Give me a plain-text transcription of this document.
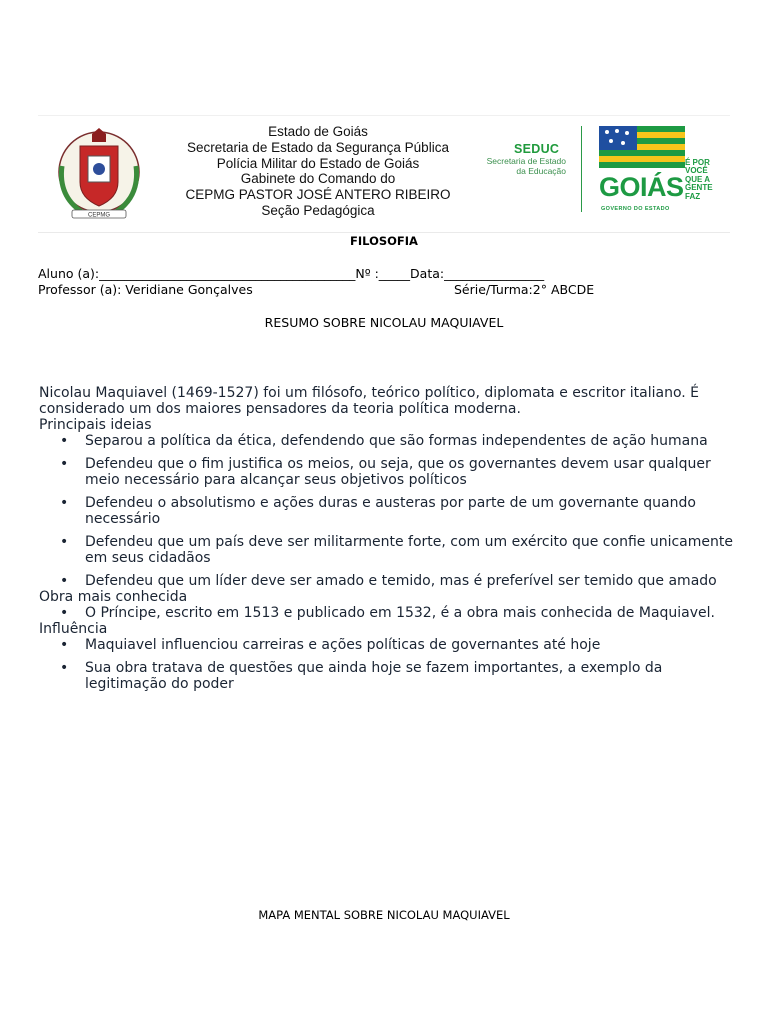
CEPMG
Estado de Goiás
Secretaria de Estado da Segurança Pública
Polícia Militar do Estado de Goiás
Gabinete do Comando do
CEPMG PASTOR JOSÉ ANTERO RIBEIRO
Seção Pedagógica
SEDUC
Secretaria de Estado
da Educação
GOIÁS
É POR
VOCÊ
QUE A
GENTE
FAZ
GOVERNO DO ESTADO
FILOSOFIA
Aluno (a):_________________________________________Nº :_____Data:________________
Professor (a): Veridiane Gonçalves	Série/Turma:2° ABCDE
RESUMO SOBRE NICOLAU MAQUIAVEL

Nicolau Maquiavel (1469-1527) foi um filósofo, teórico político, diplomata e escritor italiano. É considerado um dos maiores pensadores da teoria política moderna.

Principais ideias

• Separou a política da ética, defendendo que são formas independentes de ação humana
• Defendeu que o fim justifica os meios, ou seja, que os governantes devem usar qualquer meio necessário para alcançar seus objetivos políticos
• Defendeu o absolutismo e ações duras e austeras por parte de um governante quando necessário
• Defendeu que um país deve ser militarmente forte, com um exército que confie unicamente em seus cidadãos
• Defendeu que um líder deve ser amado e temido, mas é preferível ser temido que amado

Obra mais conhecida

• O Príncipe, escrito em 1513 e publicado em 1532, é a obra mais conhecida de Maquiavel.

Influência

• Maquiavel influenciou carreiras e ações políticas de governantes até hoje
• Sua obra tratava de questões que ainda hoje se fazem importantes, a exemplo da legitimação do poder
MAPA MENTAL SOBRE NICOLAU MAQUIAVEL
